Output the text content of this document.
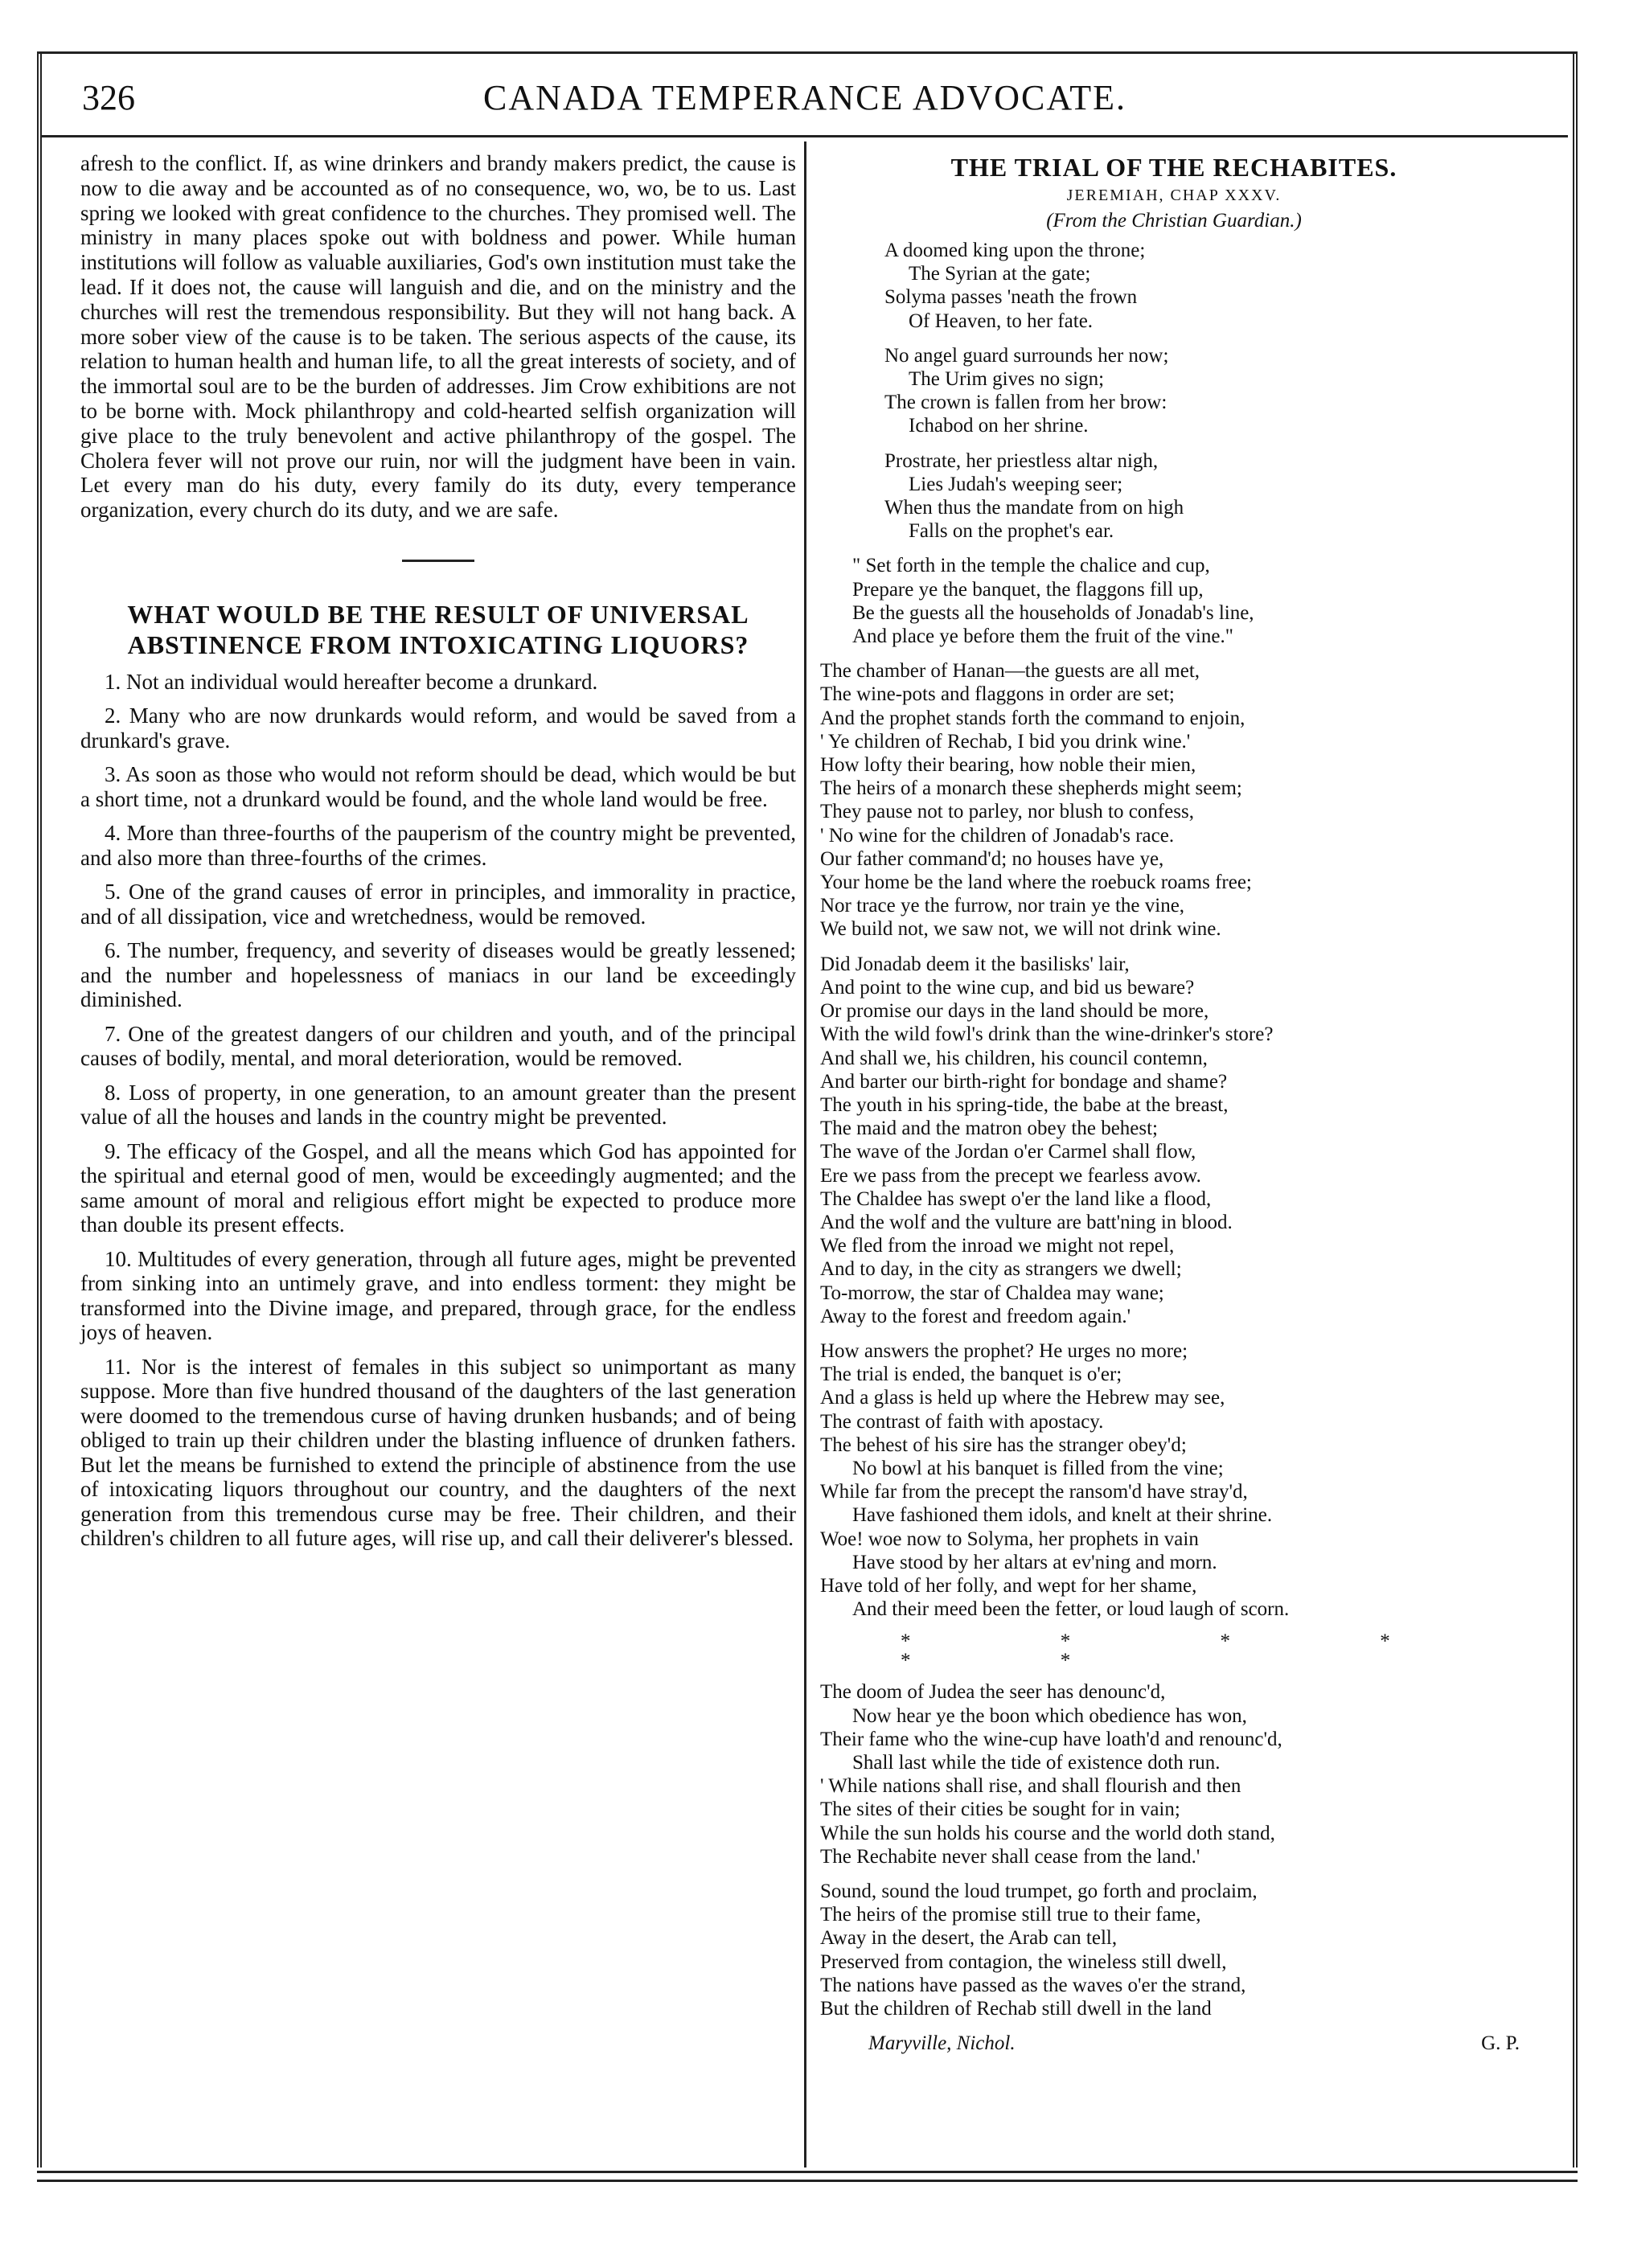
326	CANADA TEMPERANCE ADVOCATE.

afresh to the conflict. If, as wine drinkers and brandy makers predict, the cause is now to die away and be accounted as of no consequence, wo, wo, be to us. Last spring we looked with great confidence to the churches. They promised well. The ministry in many places spoke out with boldness and power. While human institutions will follow as valuable auxiliaries, God's own institution must take the lead. If it does not, the cause will languish and die, and on the ministry and the churches will rest the tremendous responsibility. But they will not hang back. A more sober view of the cause is to be taken. The serious aspects of the cause, its relation to human health and human life, to all the great interests of society, and of the immortal soul are to be the burden of addresses. Jim Crow exhibitions are not to be borne with. Mock philanthropy and cold-hearted selfish organization will give place to the truly benevolent and active philanthropy of the gospel. The Cholera fever will not prove our ruin, nor will the judgment have been in vain. Let every man do his duty, every family do its duty, every temperance organization, every church do its duty, and we are safe.

WHAT WOULD BE THE RESULT OF UNIVERSAL ABSTINENCE FROM INTOXICATING LIQUORS?

1. Not an individual would hereafter become a drunkard.

2. Many who are now drunkards would reform, and would be saved from a drunkard's grave.

3. As soon as those who would not reform should be dead, which would be but a short time, not a drunkard would be found, and the whole land would be free.

4. More than three-fourths of the pauperism of the country might be prevented, and also more than three-fourths of the crimes.

5. One of the grand causes of error in principles, and immorality in practice, and of all dissipation, vice and wretchedness, would be removed.

6. The number, frequency, and severity of diseases would be greatly lessened; and the number and hopelessness of maniacs in our land be exceedingly diminished.

7. One of the greatest dangers of our children and youth, and of the principal causes of bodily, mental, and moral deterioration, would be removed.

8. Loss of property, in one generation, to an amount greater than the present value of all the houses and lands in the country might be prevented.

9. The efficacy of the Gospel, and all the means which God has appointed for the spiritual and eternal good of men, would be exceedingly augmented; and the same amount of moral and religious effort might be expected to produce more than double its present effects.

10. Multitudes of every generation, through all future ages, might be prevented from sinking into an untimely grave, and into endless torment: they might be transformed into the Divine image, and prepared, through grace, for the endless joys of heaven.

11. Nor is the interest of females in this subject so unimportant as many suppose. More than five hundred thousand of the daughters of the last generation were doomed to the tremendous curse of having drunken husbands; and of being obliged to train up their children under the blasting influence of drunken fathers. But let the means be furnished to extend the principle of abstinence from the use of intoxicating liquors throughout our country, and the daughters of the next generation from this tremendous curse may be free. Their children, and their children's children to all future ages, will rise up, and call their deliverer's blessed.

THE TRIAL OF THE RECHABITES.
JEREMIAH, CHAP XXXV.
(From the Christian Guardian.)
A doomed king upon the throne;
The Syrian at the gate;
Solyma passes 'neath the frown
Of Heaven, to her fate.
No angel guard surrounds her now;
The Urim gives no sign;
The crown is fallen from her brow:
Ichabod on her shrine.
Prostrate, her priestless altar nigh,
Lies Judah's weeping seer;
When thus the mandate from on high
Falls on the prophet's ear.
" Set forth in the temple the chalice and cup,
Prepare ye the banquet, the flaggons fill up,
Be the guests all the households of Jonadab's line,
And place ye before them the fruit of the vine."
The chamber of Hanan—the guests are all met,
The wine-pots and flaggons in order are set;
And the prophet stands forth the command to enjoin,
' Ye children of Rechab, I bid you drink wine.'
How lofty their bearing, how noble their mien,
The heirs of a monarch these shepherds might seem;
They pause not to parley, nor blush to confess,
' No wine for the children of Jonadab's race.
Our father command'd; no houses have ye,
Your home be the land where the roebuck roams free;
Nor trace ye the furrow, nor train ye the vine,
We build not, we saw not, we will not drink wine.
Did Jonadab deem it the basilisks' lair,
And point to the wine cup, and bid us beware?
Or promise our days in the land should be more,
With the wild fowl's drink than the wine-drinker's store?
And shall we, his children, his council contemn,
And barter our birth-right for bondage and shame?
The youth in his spring-tide, the babe at the breast,
The maid and the matron obey the behest;
The wave of the Jordan o'er Carmel shall flow,
Ere we pass from the precept we fearless avow.
The Chaldee has swept o'er the land like a flood,
And the wolf and the vulture are batt'ning in blood.
We fled from the inroad we might not repel,
And to day, in the city as strangers we dwell;
To-morrow, the star of Chaldea may wane;
Away to the forest and freedom again.'
How answers the prophet? He urges no more;
The trial is ended, the banquet is o'er;
And a glass is held up where the Hebrew may see,
The contrast of faith with apostacy.
The behest of his sire has the stranger obey'd;
No bowl at his banquet is filled from the vine;
While far from the precept the ransom'd have stray'd,
Have fashioned them idols, and knelt at their shrine.
Woe! woe now to Solyma, her prophets in vain
Have stood by her altars at ev'ning and morn.
Have told of her folly, and wept for her shame,
And their meed been the fetter, or loud laugh of scorn.
* * * * * *
The doom of Judea the seer has denounc'd,
Now hear ye the boon which obedience has won,
Their fame who the wine-cup have loath'd and renounc'd,
Shall last while the tide of existence doth run.
' While nations shall rise, and shall flourish and then
The sites of their cities be sought for in vain;
While the sun holds his course and the world doth stand,
The Rechabite never shall cease from the land.'
Sound, sound the loud trumpet, go forth and proclaim,
The heirs of the promise still true to their fame,
Away in the desert, the Arab can tell,
Preserved from contagion, the wineless still dwell,
The nations have passed as the waves o'er the strand,
But the children of Rechab still dwell in the land
Maryville, Nichol.	G. P.
